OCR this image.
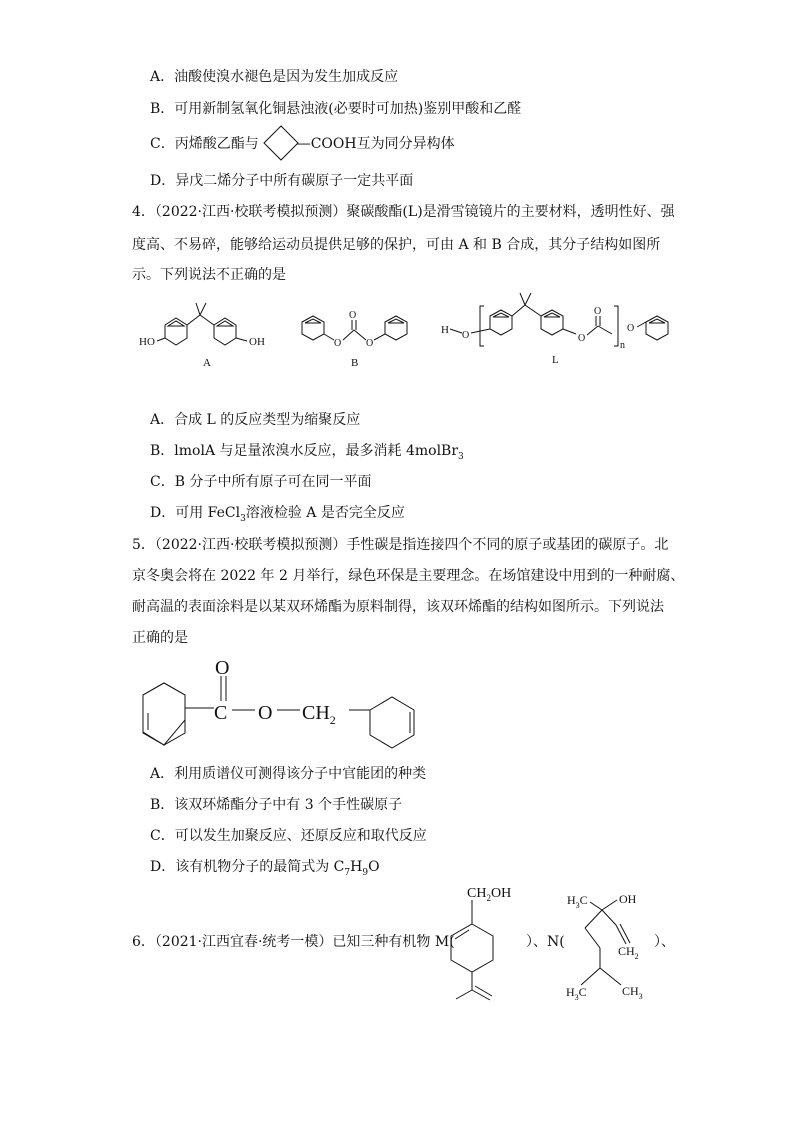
A．油酸使溴水褪色是因为发生加成反应
B．可用新制氢氧化铜悬浊液(必要时可加热)鉴别甲酸和乙醛
C．丙烯酸乙酯与	—COOH互为同分异构体
D．异戊二烯分子中所有碳原子一定共平面
4．（2022·江西·校联考模拟预测）聚碳酸酯(L)是滑雪镜镜片的主要材料，透明性好、强
度高、不易碎，能够给运动员提供足够的保护，可由 A 和 B 合成，其分子结构如图所
示。下列说法不正确的是
HO	OH
A
O
O O
B
H O	O
O
n
O
L
A．合成 L 的反应类型为缩聚反应
B．lmolA 与足量浓溴水反应，最多消耗 4molBr$_3$
C．B 分子中所有原子可在同一平面
D．可用 FeCl$_3$溶液检验 A 是否完全反应
5．（2022·江西·校联考模拟预测）手性碳是指连接四个不同的原子或基团的碳原子。北
京冬奥会将在 2022 年 2 月举行，绿色环保是主要理念。在场馆建设中用到的一种耐腐、
耐高温的表面涂料是以某双环烯酯为原料制得，该双环烯酯的结构如图所示。下列说法
正确的是
C
O
O $CH_2$
A．利用质谱仪可测得该分子中官能团的种类
B．该双环烯酯分子中有 3 个手性碳原子
C．可以发生加聚反应、还原反应和取代反应
D．该有机物分子的最简式为 $C_7H_9O$
6．（2021·江西宜春·统考一模）已知三种有机物 M(	）、N(	）、
$CH_2OH$	$H_3C$	OH
$CH_2$
$H_3C$	$CH_3$
